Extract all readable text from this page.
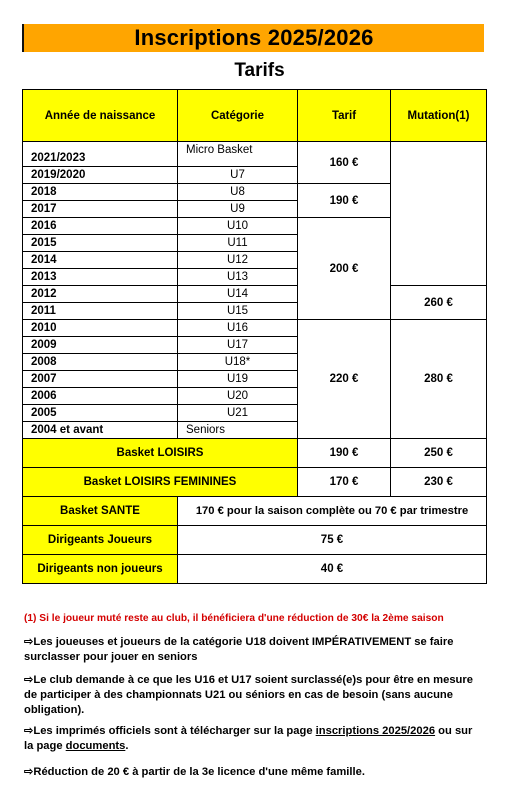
Inscriptions 2025/2026
Tarifs
Année de naissance	Catégorie	Tarif	Mutation(1)
2021/2023	Micro Basket	160 €	
2019/2020	U7		
2018	U8	190 €	
2017	U9		
2016	U10	200 €	
2015	U11		
2014	U12		
2013	U13		
2012	U14		260 €
2011	U15		
2010	U16	220 €	280 €
2009	U17		
2008	U18*		
2007	U19		
2006	U20		
2005	U21		
2004 et avant	Seniors		
Basket LOISIRS		190 €	250 €
Basket LOISIRS FEMININES		170 €	230 €
Basket SANTE	170 € pour la saison complète ou 70 € par trimestre		
Dirigeants Joueurs	75 €		
Dirigeants non joueurs	40 €		
(1) Si le joueur muté reste au club, il bénéficiera d'une réduction de 30€ la 2ème saison
⇨Les joueuses et joueurs de la catégorie U18 doivent IMPÉRATIVEMENT se faire surclasser pour jouer en seniors
⇨Le club demande à ce que les U16 et U17 soient surclassé(e)s pour être en mesure de participer à des championnats U21 ou séniors en cas de besoin (sans aucune obligation).
⇨Les imprimés officiels sont à télécharger sur la page inscriptions 2025/2026 ou sur la page documents.
⇨Réduction de 20 € à partir de la 3e licence d'une même famille.
